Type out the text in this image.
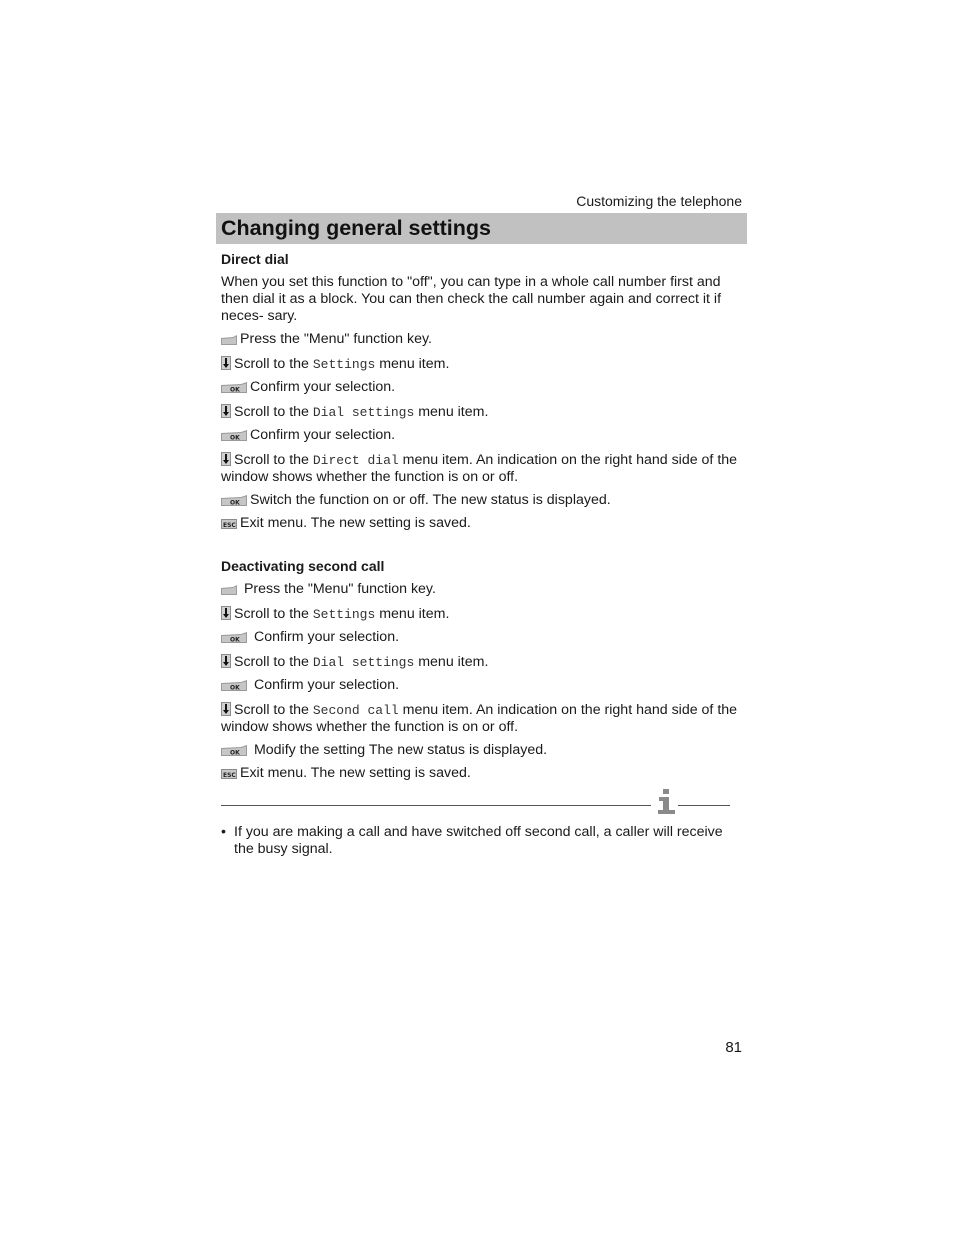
Customizing the telephone
Changing general settings

Direct dial

When you set this function to "off", you can type in a whole call number first and then dial it as a block. You can then check the call number again and correct it if neces- sary.

Press the "Menu" function key.

Scroll to the Settings menu item.

OK Confirm your selection.

Scroll to the Dial settings menu item.

OK Confirm your selection.

Scroll to the Direct dial menu item. An indication on the right hand side of the window shows whether the function is on or off.

OK Switch the function on or off. The new status is displayed.

ESC Exit menu. The new setting is saved.

Deactivating second call

Press the "Menu" function key.

Scroll to the Settings menu item.

OK Confirm your selection.

Scroll to the Dial settings menu item.

OK Confirm your selection.

Scroll to the Second call menu item. An indication on the right hand side of the window shows whether the function is on or off.

OK Modify the setting The new status is displayed.

ESC Exit menu. The new setting is saved.

• If you are making a call and have switched off second call, a caller will receive the busy signal.
81
